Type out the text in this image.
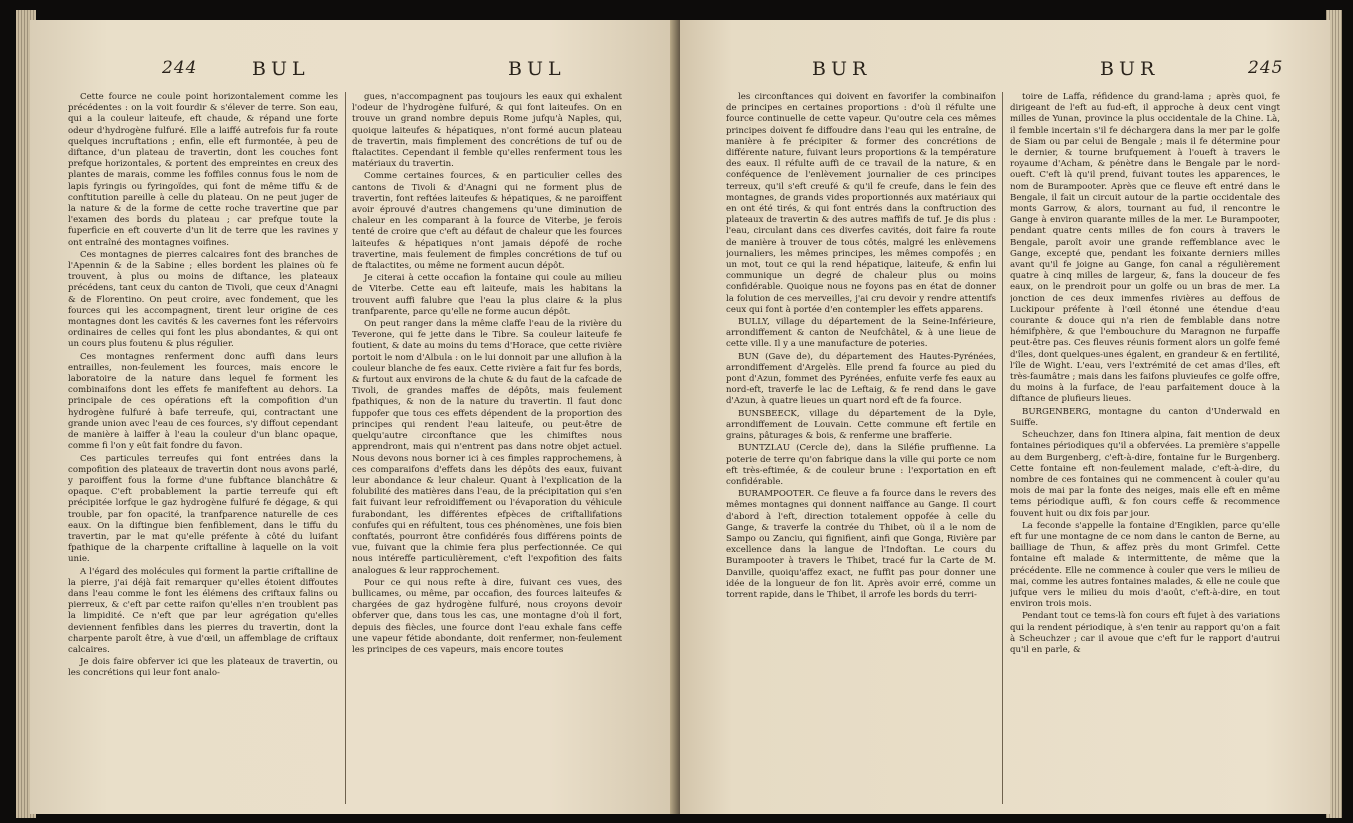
244	BUL	BUL

Cette fource ne coule point horizontalement comme les précédentes : on la voit fourdir & s'élever de terre. Son eau, qui a la couleur laiteufe, eft chaude, & répand une forte odeur d'hydrogène fulfuré. Elle a laiffé autrefois fur fa route quelques incruftations ; enfin, elle eft furmontée, à peu de diftance, d'un plateau de travertin, dont les couches font prefque horizontales, & portent des empreintes en creux des plantes de marais, comme les foffiles connus fous le nom de lapis fyringis ou fyringoïdes, qui font de même tiffu & de conftitution pareille à celle du plateau. On ne peut juger de la nature & de la forme de cette roche travertine que par l'examen des bords du plateau ; car prefque toute la fuperficie en eft couverte d'un lit de terre que les ravines y ont entraîné des montagnes voifines.

Ces montagnes de pierres calcaires font des branches de l'Apennin & de la Sabine ; elles bordent les plaines où fe trouvent, à plus ou moins de diftance, les plateaux précédens, tant ceux du canton de Tivoli, que ceux d'Anagni & de Florentino. On peut croire, avec fondement, que les fources qui les accompagnent, tirent leur origine de ces montagnes dont les cavités & les cavernes font les réfervoirs ordinaires de celles qui font les plus abondantes, & qui ont un cours plus foutenu & plus régulier.

Ces montagnes renferment donc auffi dans leurs entrailles, non-feulement les fources, mais encore le laboratoire de la nature dans lequel fe forment les combinaifons dont les effets fe manifeftent au dehors. La principale de ces opérations eft la compofition d'un hydrogène fulfuré à bafe terreufe, qui, contractant une grande union avec l'eau de ces fources, s'y diffout cependant de manière à laiffer à l'eau la couleur d'un blanc opaque, comme fi l'on y eût fait fondre du favon.

Ces particules terreufes qui font entrées dans la compofition des plateaux de travertin dont nous avons parlé, y paroiffent fous la forme d'une fubftance blanchâtre & opaque. C'eft probablement la partie terreufe qui eft précipitée lorfque le gaz hydrogène fulfuré fe dégage, & qui trouble, par fon opacité, la tranfparence naturelle de ces eaux. On la diftingue bien fenfiblement, dans le tiffu du travertin, par le mat qu'elle préfente à côté du luifant fpathique de la charpente criftalline à laquelle on la voit unie.

A l'égard des molécules qui forment la partie criftalline de la pierre, j'ai déjà fait remarquer qu'elles étoient diffoutes dans l'eau comme le font les élémens des criftaux falins ou pierreux, & c'eft par cette raifon qu'elles n'en troublent pas la limpidité. Ce n'eft que par leur agrégation qu'elles deviennent fenfibles dans les pierres du travertin, dont la charpente paroît être, à vue d'œil, un affemblage de criftaux calcaires.

Je dois faire obferver ici que les plateaux de travertin, ou les concrétions qui leur font analo-

gues, n'accompagnent pas toujours les eaux qui exhalent l'odeur de l'hydrogène fulfuré, & qui font laiteufes. On en trouve un grand nombre depuis Rome jufqu'à Naples, qui, quoique laiteufes & hépatiques, n'ont formé aucun plateau de travertin, mais fimplement des concrétions de tuf ou de ftalactites. Cependant il femble qu'elles renferment tous les matériaux du travertin.

Comme certaines fources, & en particulier celles des cantons de Tivoli & d'Anagni qui ne forment plus de travertin, font reftées laiteufes & hépatiques, & ne paroiffent avoir éprouvé d'autres changemens qu'une diminution de chaleur en les comparant à la fource de Viterbe, je ferois tenté de croire que c'eft au défaut de chaleur que les fources laiteufes & hépatiques n'ont jamais dépofé de roche travertine, mais feulement de fimples concrétions de tuf ou de ftalactites, ou même ne forment aucun dépôt.

Je citerai à cette occafion la fontaine qui coule au milieu de Viterbe. Cette eau eft laiteufe, mais les habitans la trouvent auffi falubre que l'eau la plus claire & la plus tranfparente, parce qu'elle ne forme aucun dépôt.

On peut ranger dans la même claffe l'eau de la rivière du Teverone, qui fe jette dans le Tibre. Sa couleur laiteufe fe foutient, & date au moins du tems d'Horace, que cette rivière portoit le nom d'Albula : on le lui donnoit par une allufion à la couleur blanche de fes eaux. Cette rivière a fait fur fes bords, & furtout aux environs de la chute & du faut de la cafcade de Tivoli, de grandes maffes de dépôts, mais feulement fpathiques, & non de la nature du travertin. Il faut donc fuppofer que tous ces effets dépendent de la proportion des principes qui rendent l'eau laiteufe, ou peut-être de quelqu'autre circonftance que les chimiftes nous apprendront, mais qui n'entrent pas dans notre objet actuel. Nous devons nous borner ici à ces fimples rapprochemens, à ces comparaifons d'effets dans les dépôts des eaux, fuivant leur abondance & leur chaleur. Quant à l'explication de la folubilité des matières dans l'eau, de la précipitation qui s'en fait fuivant leur refroidiffement ou l'évaporation du véhicule furabondant, les différentes efpèces de criftallifations confufes qui en réfultent, tous ces phénomènes, une fois bien conftatés, pourront être confidérés fous différens points de vue, fuivant que la chimie fera plus perfectionnée. Ce qui nous intéreffe particulièrement, c'eft l'expofition des faits analogues & leur rapprochement.

Pour ce qui nous refte à dire, fuivant ces vues, des bullicames, ou même, par occafion, des fources laiteufes & chargées de gaz hydrogène fulfuré, nous croyons devoir obferver que, dans tous les cas, une montagne d'où il fort, depuis des fiècles, une fource dont l'eau exhale fans ceffe une vapeur fétide abondante, doit renfermer, non-feulement les principes de ces vapeurs, mais encore toutes

BUR	BUR	245

les circonftances qui doivent en favorifer la combinaifon de principes en certaines proportions : d'où il réfulte une fource continuelle de cette vapeur. Qu'outre cela ces mêmes principes doivent fe diffoudre dans l'eau qui les entraîne, de manière à fe précipiter & former des concrétions de différente nature, fuivant leurs proportions & la température des eaux. Il réfulte auffi de ce travail de la nature, & en conféquence de l'enlèvement journalier de ces principes terreux, qu'il s'eft creufé & qu'il fe creufe, dans le fein des montagnes, de grands vides proportionnés aux matériaux qui en ont été tirés, & qui font entrés dans la conftruction des plateaux de travertin & des autres maffifs de tuf. Je dis plus : l'eau, circulant dans ces diverfes cavités, doit faire fa route de manière à trouver de tous côtés, malgré les enlèvemens journaliers, les mêmes principes, les mêmes compofés ; en un mot, tout ce qui la rend hépatique, laiteufe, & enfin lui communique un degré de chaleur plus ou moins confidérable. Quoique nous ne foyons pas en état de donner la folution de ces merveilles, j'ai cru devoir y rendre attentifs ceux qui font à portée d'en contempler les effets apparens.

BULLY, village du département de la Seine-Inférieure, arrondiffement & canton de Neufchâtel, & à une lieue de cette ville. Il y a une manufacture de poteries.

BUN (Gave de), du département des Hautes-Pyrénées, arrondiffement d'Argelès. Elle prend fa fource au pied du pont d'Azun, fommet des Pyrénées, enfuite verfe fes eaux au nord-eft, traverfe le lac de Leftaig, & fe rend dans le gave d'Azun, à quatre lieues un quart nord eft de fa fource.

BUNSBEECK, village du département de la Dyle, arrondiffement de Louvain. Cette commune eft fertile en grains, pâturages & bois, & renferme une brafferie.

BUNTZLAU (Cercle de), dans la Siléfie pruffienne. La poterie de terre qu'on fabrique dans la ville qui porte ce nom eft très-eftimée, & de couleur brune : l'exportation en eft confidérable.

BURAMPOOTER. Ce fleuve a fa fource dans le revers des mêmes montagnes qui donnent naiffance au Gange. Il court d'abord à l'eft, direction totalement oppofée à celle du Gange, & traverfe la contrée du Thibet, où il a le nom de Sampo ou Zanciu, qui fignifient, ainfi que Gonga, Rivière par excellence dans la langue de l'Indoftan. Le cours du Burampooter à travers le Thibet, tracé fur la Carte de M. Danville, quoiqu'affez exact, ne fuffit pas pour donner une idée de la longueur de fon lit. Après avoir erré, comme un torrent rapide, dans le Thibet, il arrofe les bords du terri-

toire de Laffa, réfidence du grand-lama ; après quoi, fe dirigeant de l'eft au fud-eft, il approche à deux cent vingt milles de Yunan, province la plus occidentale de la Chine. Là, il femble incertain s'il fe déchargera dans la mer par le golfe de Siam ou par celui de Bengale ; mais il fe détermine pour le dernier, & tourne brufquement à l'oueft à travers le royaume d'Acham, & pénètre dans le Bengale par le nord-oueft. C'eft là qu'il prend, fuivant toutes les apparences, le nom de Burampooter. Après que ce fleuve eft entré dans le Bengale, il fait un circuit autour de la partie occidentale des monts Garrow, & alors, tournant au fud, il rencontre le Gange à environ quarante milles de la mer. Le Burampooter, pendant quatre cents milles de fon cours à travers le Bengale, paroît avoir une grande reffemblance avec le Gange, excepté que, pendant les foixante derniers milles avant qu'il fe joigne au Gange, fon canal a régulièrement quatre à cinq milles de largeur, &, fans la douceur de fes eaux, on le prendroit pour un golfe ou un bras de mer. La jonction de ces deux immenfes rivières au deffous de Luckipour préfente à l'œil étonné une étendue d'eau courante & douce qui n'a rien de femblable dans notre hémifphère, & que l'embouchure du Maragnon ne furpaffe peut-être pas. Ces fleuves réunis forment alors un golfe femé d'îles, dont quelques-unes égalent, en grandeur & en fertilité, l'île de Wight. L'eau, vers l'extrémité de cet amas d'îles, eft très-faumâtre ; mais dans les faifons pluvieufes ce golfe offre, du moins à la furface, de l'eau parfaitement douce à la diftance de plufieurs lieues.

BURGENBERG, montagne du canton d'Underwald en Suiffe.

Scheuchzer, dans fon Itinera alpina, fait mention de deux fontaines périodiques qu'il a obfervées. La première s'appelle au dem Burgenberg, c'eft-à-dire, fontaine fur le Burgenberg. Cette fontaine eft non-feulement malade, c'eft-à-dire, du nombre de ces fontaines qui ne commencent à couler qu'au mois de mai par la fonte des neiges, mais elle eft en même tems périodique auffi, & fon cours ceffe & recommence fouvent huit ou dix fois par jour.

La feconde s'appelle la fontaine d'Engiklen, parce qu'elle eft fur une montagne de ce nom dans le canton de Berne, au bailliage de Thun, & affez près du mont Grimfel. Cette fontaine eft malade & intermittente, de même que la précédente. Elle ne commence à couler que vers le milieu de mai, comme les autres fontaines malades, & elle ne coule que jufque vers le milieu du mois d'août, c'eft-à-dire, en tout environ trois mois.

Pendant tout ce tems-là fon cours eft fujet à des variations qui la rendent périodique, à s'en tenir au rapport qu'on a fait à Scheuchzer ; car il avoue que c'eft fur le rapport d'autrui qu'il en parle, &
